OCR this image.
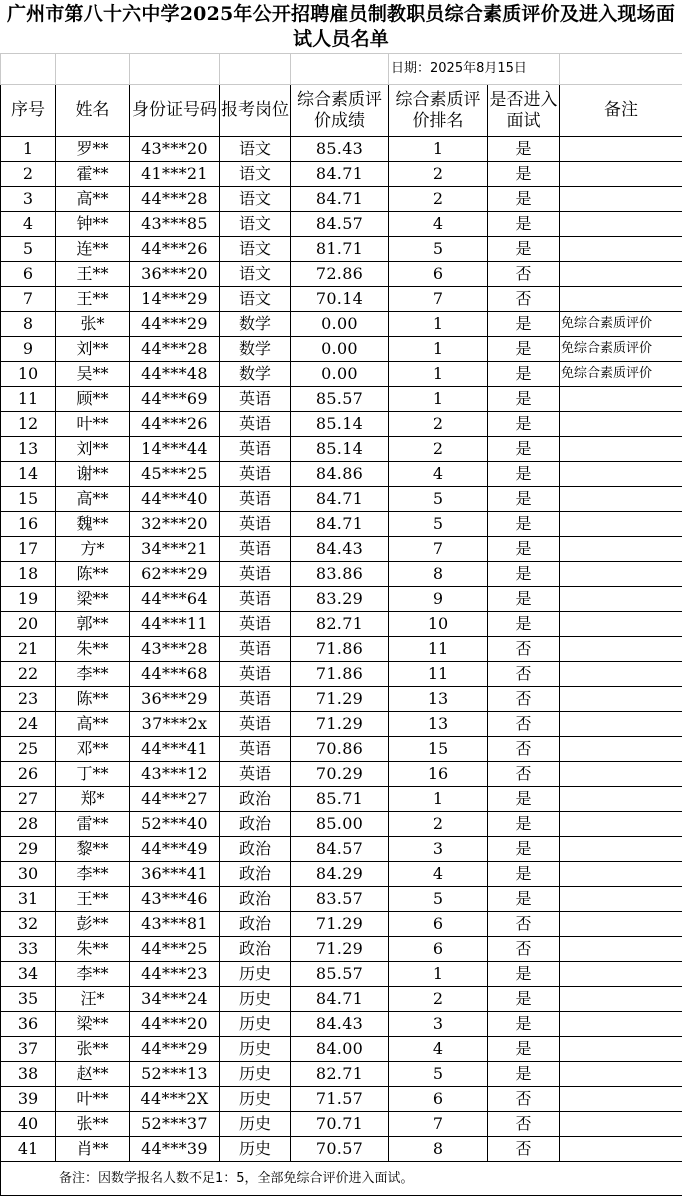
广州市第八十六中学2025年公开招聘雇员制教职员综合素质评价及进入现场面试人员名单
					日期：2025年8月15日		
序号	姓名	身份证号码	报考岗位	综合素质评价成绩	综合素质评价排名	是否进入面试	备注
1	罗**	43***20	语文	85.43	1	是	
2	霍**	41***21	语文	84.71	2	是	
3	高**	44***28	语文	84.71	2	是	
4	钟**	43***85	语文	84.57	4	是	
5	连**	44***26	语文	81.71	5	是	
6	王**	36***20	语文	72.86	6	否	
7	王**	14***29	语文	70.14	7	否	
8	张*	44***29	数学	0.00	1	是	免综合素质评价
9	刘**	44***28	数学	0.00	1	是	免综合素质评价
10	吴**	44***48	数学	0.00	1	是	免综合素质评价
11	顾**	44***69	英语	85.57	1	是	
12	叶**	44***26	英语	85.14	2	是	
13	刘**	14***44	英语	85.14	2	是	
14	谢**	45***25	英语	84.86	4	是	
15	高**	44***40	英语	84.71	5	是	
16	魏**	32***20	英语	84.71	5	是	
17	方*	34***21	英语	84.43	7	是	
18	陈**	62***29	英语	83.86	8	是	
19	梁**	44***64	英语	83.29	9	是	
20	郭**	44***11	英语	82.71	10	是	
21	朱**	43***28	英语	71.86	11	否	
22	李**	44***68	英语	71.86	11	否	
23	陈**	36***29	英语	71.29	13	否	
24	高**	37***2x	英语	71.29	13	否	
25	邓**	44***41	英语	70.86	15	否	
26	丁**	43***12	英语	70.29	16	否	
27	郑*	44***27	政治	85.71	1	是	
28	雷**	52***40	政治	85.00	2	是	
29	黎**	44***49	政治	84.57	3	是	
30	李**	36***41	政治	84.29	4	是	
31	王**	43***46	政治	83.57	5	是	
32	彭**	43***81	政治	71.29	6	否	
33	朱**	44***25	政治	71.29	6	否	
34	李**	44***23	历史	85.57	1	是	
35	汪*	34***24	历史	84.71	2	是	
36	梁**	44***20	历史	84.43	3	是	
37	张**	44***29	历史	84.00	4	是	
38	赵**	52***13	历史	82.71	5	是	
39	叶**	44***2X	历史	71.57	6	否	
40	张**	52***37	历史	70.71	7	否	
41	肖**	44***39	历史	70.57	8	否	
备注：因数学报名人数不足1：5，全部免综合评价进入面试。							
